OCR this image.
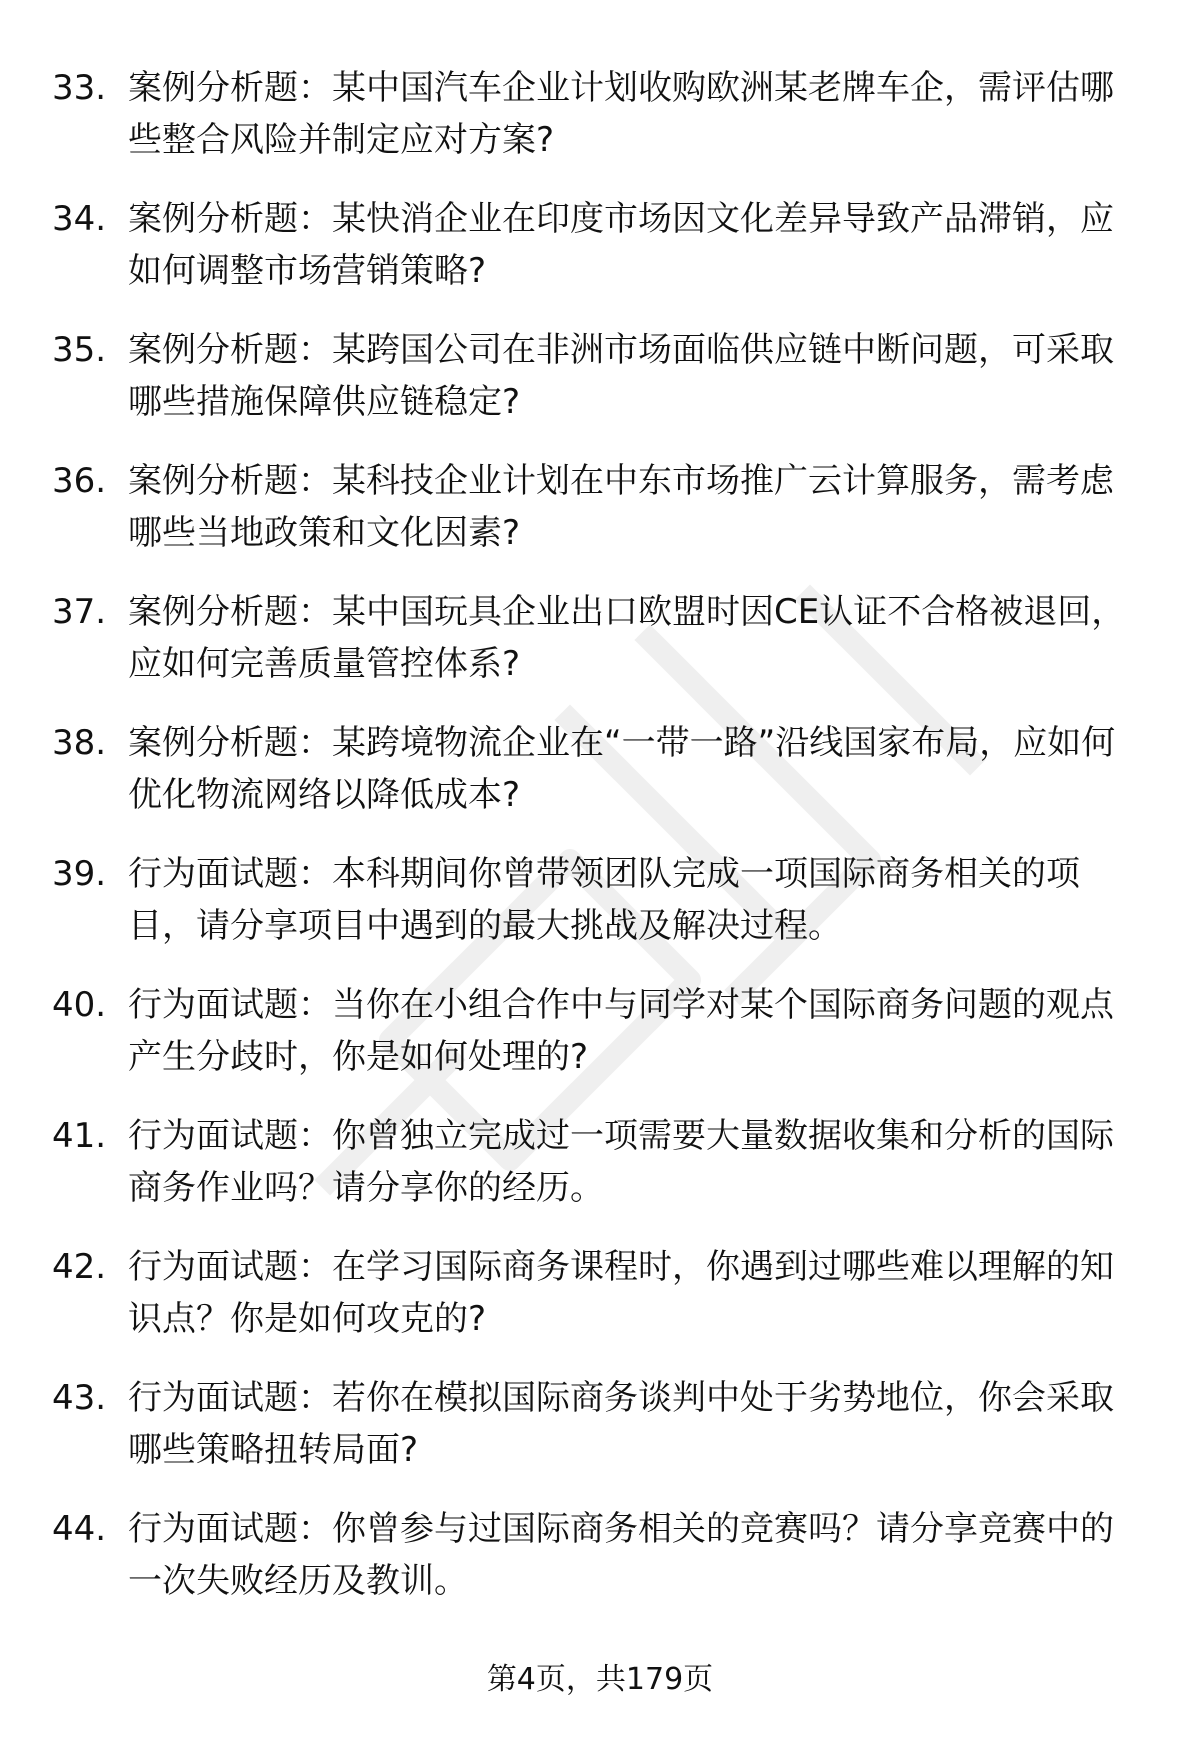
33. 案例分析题：某中国汽车企业计划收购欧洲某老牌车企，需评估哪些整合风险并制定应对方案?
34. 案例分析题：某快消企业在印度市场因文化差异导致产品滞销，应如何调整市场营销策略?
35. 案例分析题：某跨国公司在非洲市场面临供应链中断问题，可采取哪些措施保障供应链稳定?
36. 案例分析题：某科技企业计划在中东市场推广云计算服务，需考虑哪些当地政策和文化因素?
37. 案例分析题：某中国玩具企业出口欧盟时因CE认证不合格被退回，应如何完善质量管控体系?
38. 案例分析题：某跨境物流企业在“一带一路”沿线国家布局，应如何优化物流网络以降低成本?
39. 行为面试题：本科期间你曾带领团队完成一项国际商务相关的项目，请分享项目中遇到的最大挑战及解决过程。
40. 行为面试题：当你在小组合作中与同学对某个国际商务问题的观点产生分歧时，你是如何处理的?
41. 行为面试题：你曾独立完成过一项需要大量数据收集和分析的国际商务作业吗？请分享你的经历。
42. 行为面试题：在学习国际商务课程时，你遇到过哪些难以理解的知识点？你是如何攻克的?
43. 行为面试题：若你在模拟国际商务谈判中处于劣势地位，你会采取哪些策略扭转局面?
44. 行为面试题：你曾参与过国际商务相关的竞赛吗？请分享竞赛中的一次失败经历及教训。
第4页，共179页
